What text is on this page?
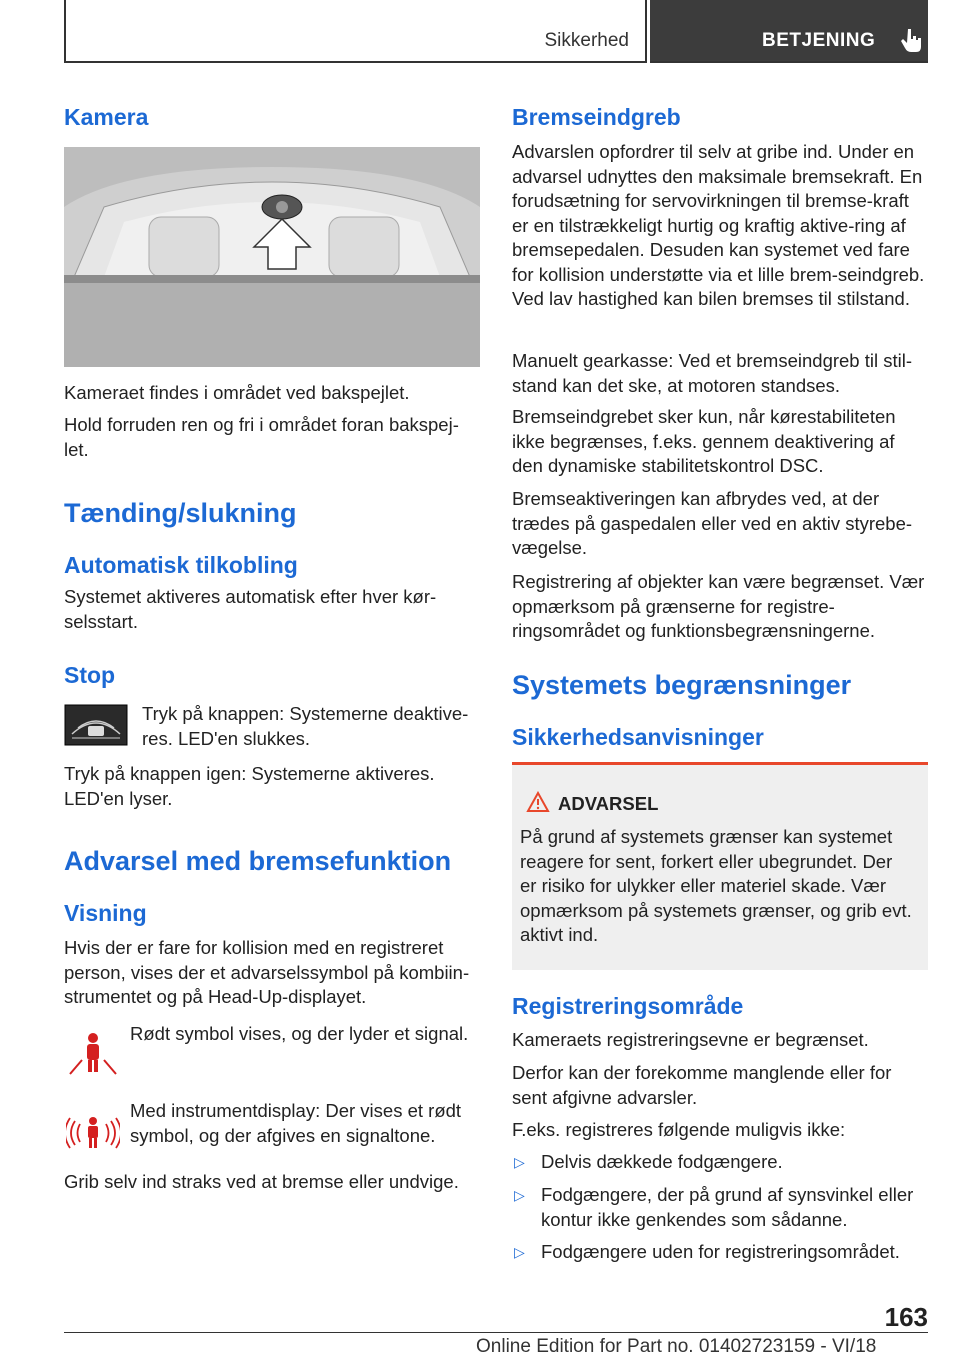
Sikkerhed	BETJENING
Kamera

Kameraet findes i området ved bakspejlet.

Hold forruden ren og fri i området foran bakspej-let.

Tænding/slukning
Automatisk tilkobling

Systemet aktiveres automatisk efter hver kør-selsstart.

Stop
Tryk på knappen: Systemerne deaktive-res. LED'en slukkes.

Tryk på knappen igen: Systemerne aktiveres. LED'en lyser.

Advarsel med bremsefunktion
Visning

Hvis der er fare for kollision med en registreret person, vises der et advarselssymbol på kombiin-strumentet og på Head-Up-displayet.

Rødt symbol vises, og der lyder et signal.
Med instrumentdisplay: Der vises et rødt symbol, og der afgives en signaltone.

Grib selv ind straks ved at bremse eller undvige.

Bremseindgreb

Advarslen opfordrer til selv at gribe ind. Under en advarsel udnyttes den maksimale bremsekraft. En forudsætning for servovirkningen til bremse-kraft er en tilstrækkeligt hurtig og kraftig aktive-ring af bremsepedalen. Desuden kan systemet ved fare for kollision understøtte via et lille brem-seindgreb. Ved lav hastighed kan bilen bremses til stilstand.

Manuelt gearkasse: Ved et bremseindgreb til stil-stand kan det ske, at motoren standses.

Bremseindgrebet sker kun, når kørestabiliteten ikke begrænses, f.eks. gennem deaktivering af den dynamiske stabilitetskontrol DSC.

Bremseaktiveringen kan afbrydes ved, at der trædes på gaspedalen eller ved en aktiv styrebe-vægelse.

Registrering af objekter kan være begrænset. Vær opmærksom på grænserne for registre-ringsområdet og funktionsbegrænsningerne.

Systemets begrænsninger
Sikkerhedsanvisninger
ADVARSEL
På grund af systemets grænser kan systemet reagere for sent, forkert eller ubegrundet. Der er risiko for ulykker eller materiel skade. Vær opmærksom på systemets grænser, og grib evt. aktivt ind.
Registreringsområde

Kameraets registreringsevne er begrænset.

Derfor kan der forekomme manglende eller for sent afgivne advarsler.

F.eks. registreres følgende muligvis ikke:

▷ Delvis dækkede fodgængere.
▷ Fodgængere, der på grund af synsvinkel eller kontur ikke genkendes som sådanne.
▷ Fodgængere uden for registreringsområdet.
163
Online Edition for Part no. 01402723159 - VI/18
